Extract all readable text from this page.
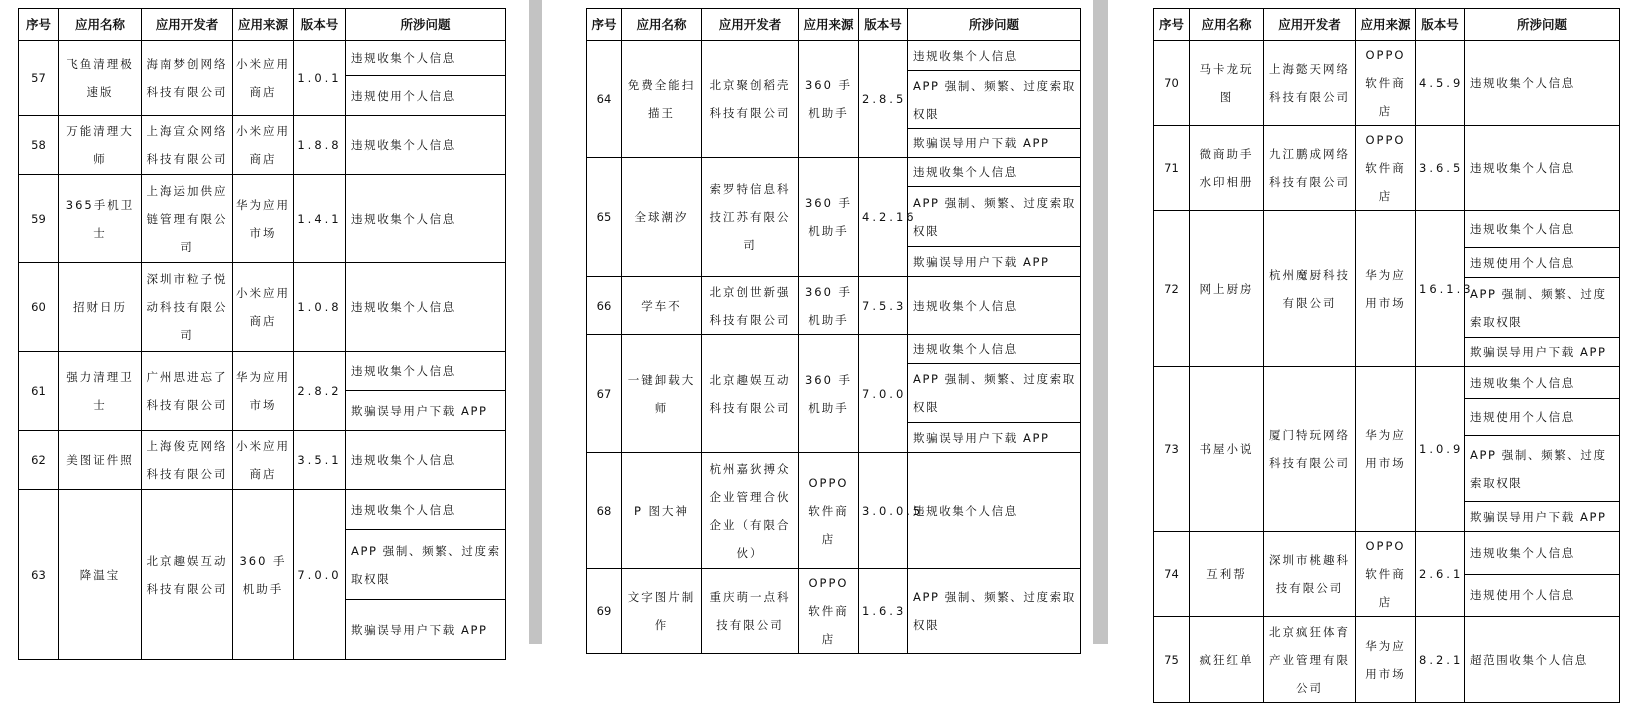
序号	应用名称	应用开发者	应用来源	版本号	所涉问题
57	飞鱼清理极速版	海南梦创网络科技有限公司	小米应用商店	1.0.1	违规收集个人信息
					违规使用个人信息
58	万能清理大师	上海宣众网络科技有限公司	小米应用商店	1.8.8	违规收集个人信息
59	365手机卫士	上海运加供应链管理有限公司	华为应用市场	1.4.1	违规收集个人信息
60	招财日历	深圳市粒子悦动科技有限公司	小米应用商店	1.0.8	违规收集个人信息
61	强力清理卫士	广州思进忘了科技有限公司	华为应用市场	2.8.2	违规收集个人信息
					欺骗误导用户下载 APP
62	美图证件照	上海俊克网络科技有限公司	小米应用商店	3.5.1	违规收集个人信息
63	降温宝	北京趣娱互动科技有限公司	360 手机助手	7.0.0	违规收集个人信息
					APP 强制、频繁、过度索取权限
					欺骗误导用户下载 APP
序号	应用名称	应用开发者	应用来源	版本号	所涉问题
64	免费全能扫描王	北京聚创稻壳科技有限公司	360 手机助手	2.8.5	违规收集个人信息
					APP 强制、频繁、过度索取权限
					欺骗误导用户下载 APP
65	全球潮汐	索罗特信息科技江苏有限公司	360 手机助手	4.2.16	违规收集个人信息
					APP 强制、频繁、过度索取权限
					欺骗误导用户下载 APP
66	学车不	北京创世新强科技有限公司	360 手机助手	7.5.3	违规收集个人信息
67	一键卸载大师	北京趣娱互动科技有限公司	360 手机助手	7.0.0	违规收集个人信息
					APP 强制、频繁、过度索取权限
					欺骗误导用户下载 APP
68	P 图大神	杭州嘉狄搏众企业管理合伙企业（有限合伙）	OPPO 软件商店	3.0.0.5	违规收集个人信息
69	文字图片制作	重庆萌一点科技有限公司	OPPO 软件商店	1.6.3	APP 强制、频繁、过度索取权限
序号	应用名称	应用开发者	应用来源	版本号	所涉问题
70	马卡龙玩图	上海懿天网络科技有限公司	OPPO 软件商店	4.5.9	违规收集个人信息
71	微商助手水印相册	九江鹏成网络科技有限公司	OPPO 软件商店	3.6.5	违规收集个人信息
72	网上厨房	杭州魔厨科技有限公司	华为应用市场	16.1.3	违规收集个人信息
					违规使用个人信息
					APP 强制、频繁、过度索取权限
					欺骗误导用户下载 APP
73	书屋小说	厦门特玩网络科技有限公司	华为应用市场	1.0.9	违规收集个人信息
					违规使用个人信息
					APP 强制、频繁、过度索取权限
					欺骗误导用户下载 APP
74	互利帮	深圳市桃趣科技有限公司	OPPO 软件商店	2.6.1	违规收集个人信息
					违规使用个人信息
75	疯狂红单	北京疯狂体育产业管理有限公司	华为应用市场	8.2.1	超范围收集个人信息
